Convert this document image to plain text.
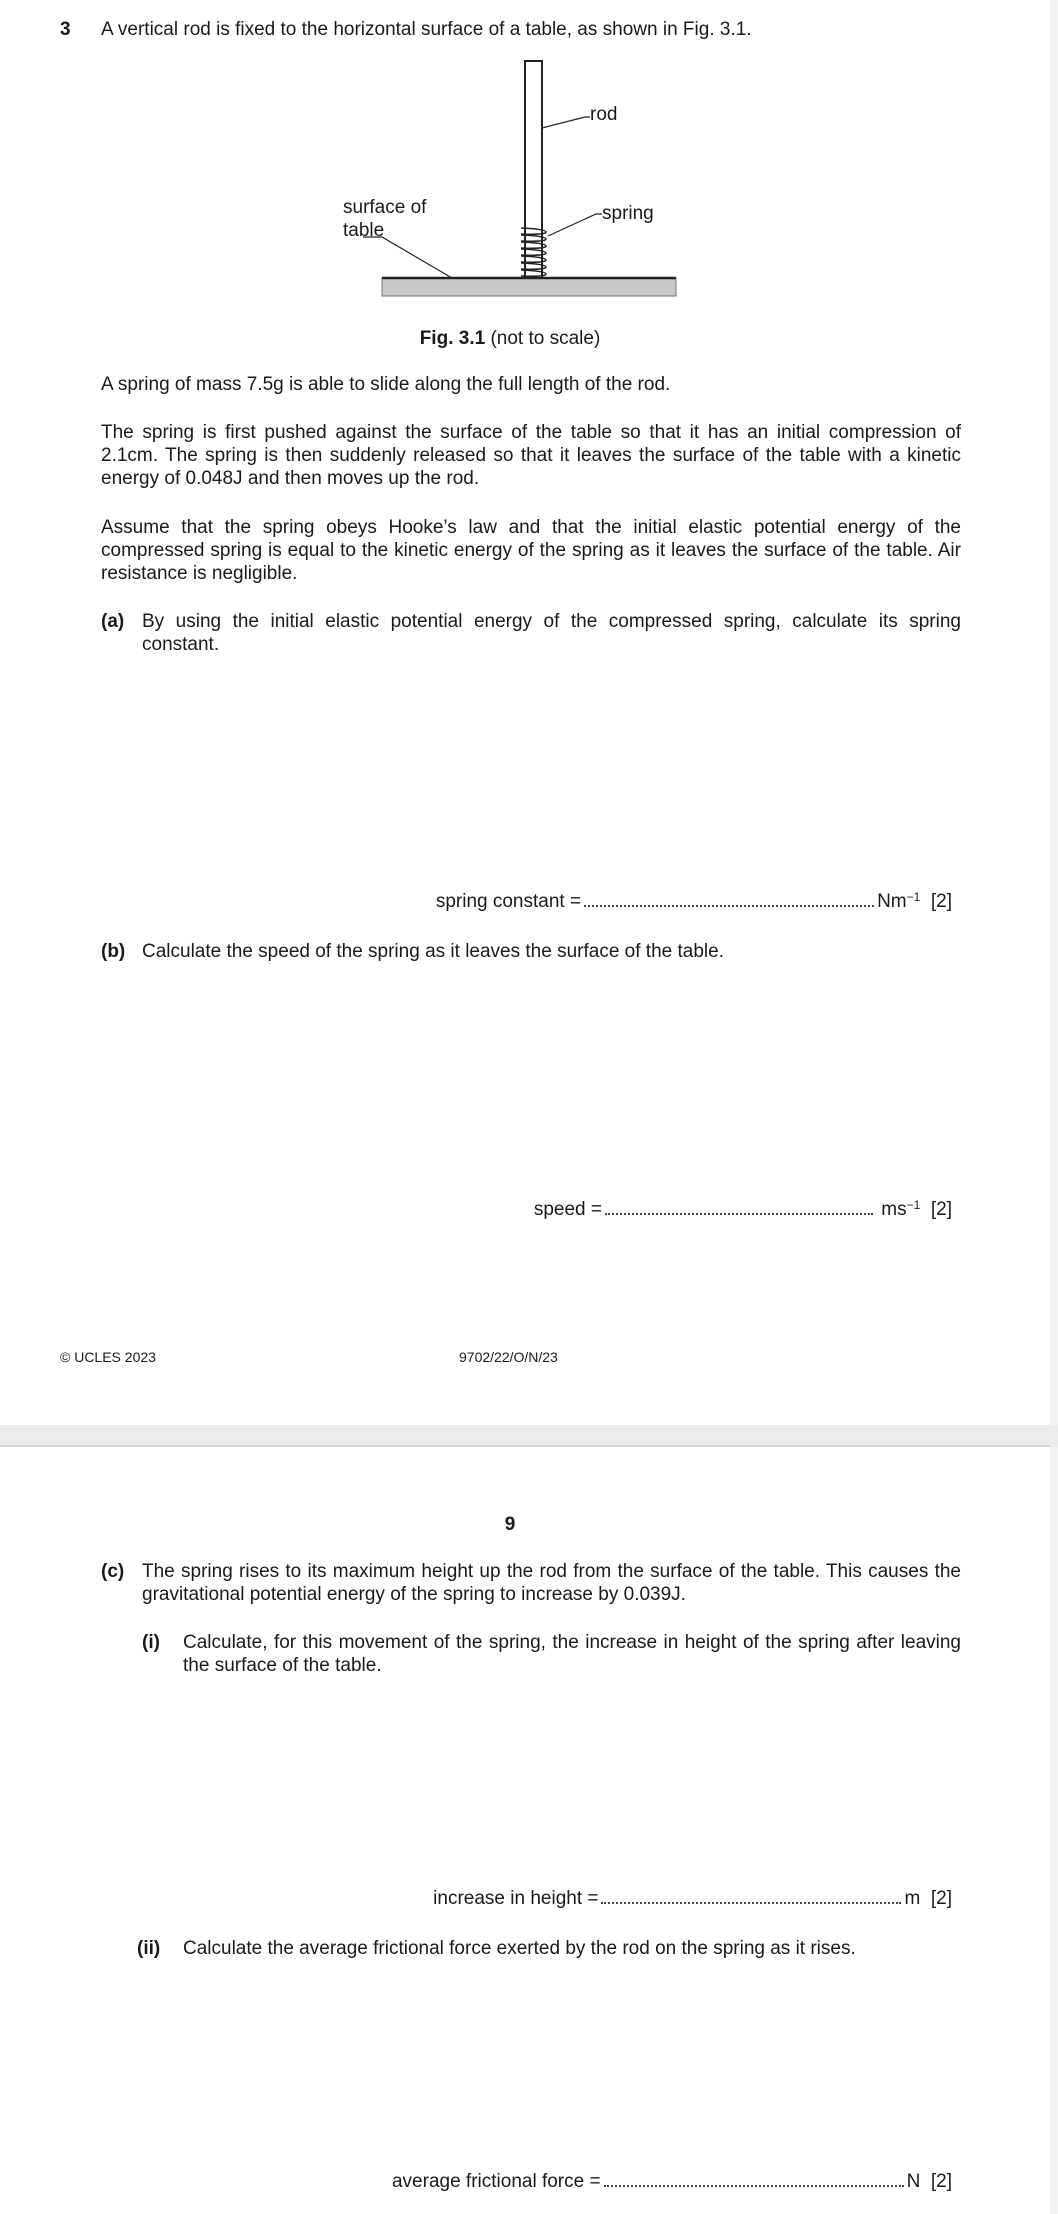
3 A vertical rod is fixed to the horizontal surface of a table, as shown in Fig. 3.1.
rod
spring
surface of
table
Fig. 3.1 (not to scale)
A spring of mass 7.5g is able to slide along the full length of the rod.
The spring is first pushed against the surface of the table so that it has an initial compression of 2.1cm. The spring is then suddenly released so that it leaves the surface of the table with a kinetic energy of 0.048J and then moves up the rod.
Assume that the spring obeys Hooke’s law and that the initial elastic potential energy of the compressed spring is equal to the kinetic energy of the spring as it leaves the surface of the table. Air resistance is negligible.
(a) By using the initial elastic potential energy of the compressed spring, calculate its spring constant.
spring constant =	$Nm^{-1}$ [2]
(b) Calculate the speed of the spring as it leaves the surface of the table.
speed =	$ms^{-1}$ [2]
© UCLES 2023	9702/22/O/N/23
9
(c) The spring rises to its maximum height up the rod from the surface of the table. This causes the gravitational potential energy of the spring to increase by 0.039J.
(i) Calculate, for this movement of the spring, the increase in height of the spring after leaving the surface of the table.
increase in height =	m [2]
(ii) Calculate the average frictional force exerted by the rod on the spring as it rises.
average frictional force =	N [2]
